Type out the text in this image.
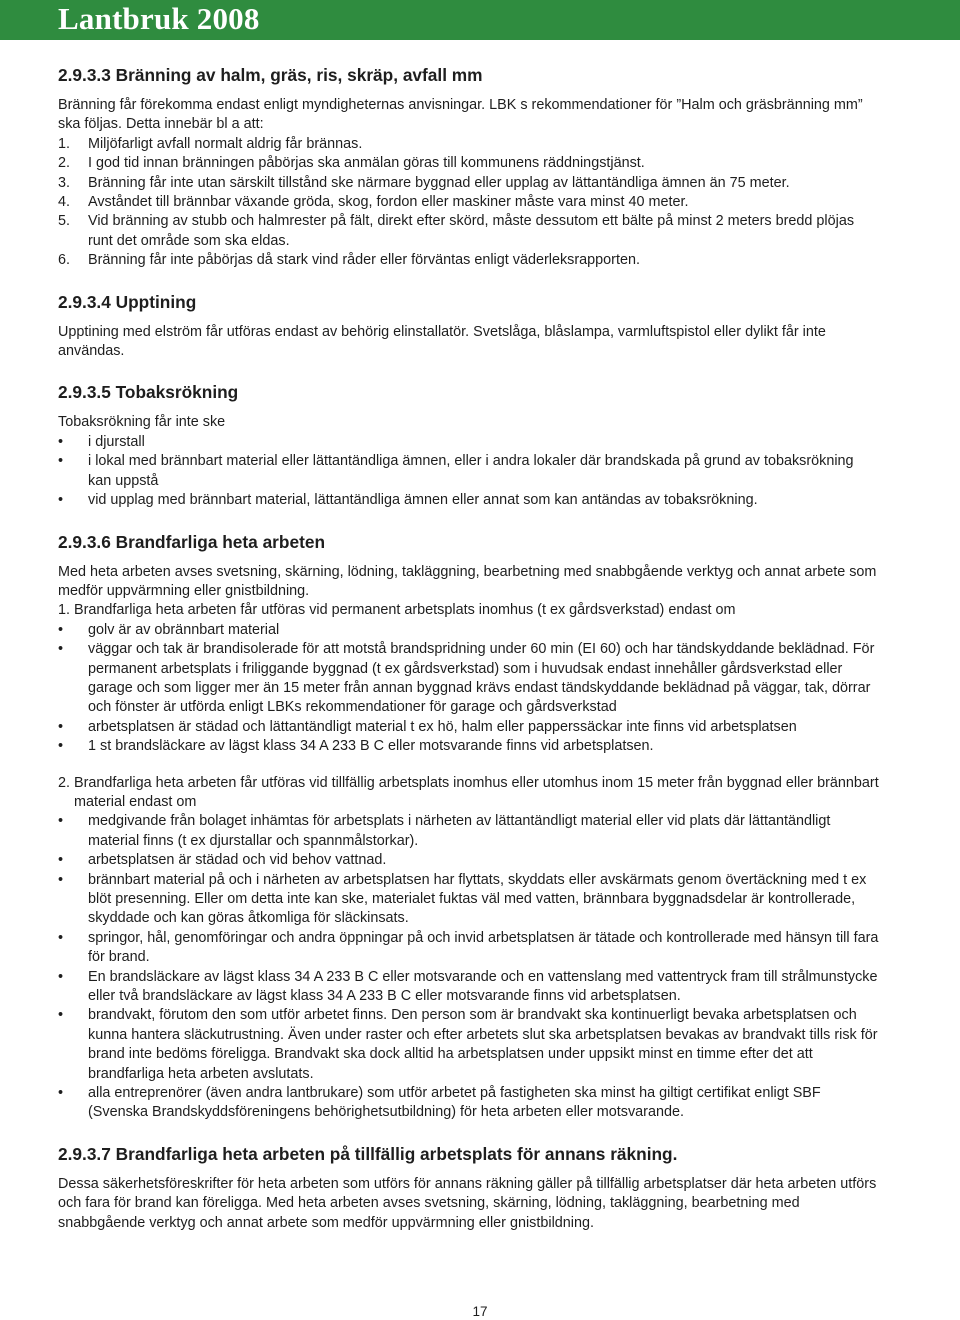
Lantbruk 2008
2.9.3.3 Bränning av halm, gräs, ris, skräp, avfall mm

Bränning får förekomma endast enligt myndigheternas anvisningar. LBK s rekommendationer för ”Halm och gräsbränning mm” ska följas. Detta innebär bl a att:

1. Miljöfarligt avfall normalt aldrig får brännas.
2. I god tid innan bränningen påbörjas ska anmälan göras till kommunens räddningstjänst.
3. Bränning får inte utan särskilt tillstånd ske närmare byggnad eller upplag av lättantändliga ämnen än 75 meter.
4. Avståndet till brännbar växande gröda, skog, fordon eller maskiner måste vara minst 40 meter.
5. Vid bränning av stubb och halmrester på fält, direkt efter skörd, måste dessutom ett bälte på minst 2 meters bredd plöjas runt det område som ska eldas.
6. Bränning får inte påbörjas då stark vind råder eller förväntas enligt väderleksrapporten.
2.9.3.4 Upptining

Upptining med elström får utföras endast av behörig elinstallatör. Svetslåga, blåslampa, varmluftspistol eller dylikt får inte användas.

2.9.3.5 Tobaksrökning

Tobaksrökning får inte ske

• i djurstall
• i lokal med brännbart material eller lättantändliga ämnen, eller i andra lokaler där brandskada på grund av tobaksrökning kan uppstå
• vid upplag med brännbart material, lättantändliga ämnen eller annat som kan antändas av tobaksrökning.
2.9.3.6 Brandfarliga heta arbeten

Med heta arbeten avses svetsning, skärning, lödning, takläggning, bearbetning med snabbgående verktyg och annat arbete som medför uppvärmning eller gnistbildning.

1. Brandfarliga heta arbeten får utföras vid permanent arbetsplats inomhus (t ex gårdsverkstad) endast om

• golv är av obrännbart material
• väggar och tak är brandisolerade för att motstå brandspridning under 60 min (EI 60) och har tändskyddande beklädnad. För permanent arbetsplats i friliggande byggnad (t ex gårdsverkstad) som i huvudsak endast innehåller gårdsverkstad eller garage och som ligger mer än 15 meter från annan byggnad krävs endast tändskyddande beklädnad på väggar, tak, dörrar och fönster är utförda enligt LBKs rekommendationer för garage och gårdsverkstad
• arbetsplatsen är städad och lättantändligt material t ex hö, halm eller papperssäckar inte finns vid arbetsplatsen
• 1 st brandsläckare av lägst klass 34 A 233 B C eller motsvarande finns vid arbetsplatsen.

2. Brandfarliga heta arbeten får utföras vid tillfällig arbetsplats inomhus eller utomhus inom 15 meter från byggnad eller brännbart material endast om

• medgivande från bolaget inhämtas för arbetsplats i närheten av lättantändligt material eller vid plats där lättantändligt material finns (t ex djurstallar och spannmålstorkar).
• arbetsplatsen är städad och vid behov vattnad.
• brännbart material på och i närheten av arbetsplatsen har flyttats, skyddats eller avskärmats genom övertäckning med t ex blöt presenning. Eller om detta inte kan ske, materialet fuktas väl med vatten, brännbara byggnadsdelar är kontrollerade, skyddade och kan göras åtkomliga för släckinsats.
• springor, hål, genomföringar och andra öppningar på och invid arbetsplatsen är tätade och kontrollerade med hänsyn till fara för brand.
• En brandsläckare av lägst klass 34 A 233 B C eller motsvarande och en vattenslang med vattentryck fram till strålmunstycke eller två brandsläckare av lägst klass 34 A 233 B C eller motsvarande finns vid arbetsplatsen.
• brandvakt, förutom den som utför arbetet finns. Den person som är brandvakt ska kontinuerligt bevaka arbetsplatsen och kunna hantera släckutrustning. Även under raster och efter arbetets slut ska arbetsplatsen bevakas av brandvakt tills risk för brand inte bedöms föreligga. Brandvakt ska dock alltid ha arbetsplatsen under uppsikt minst en timme efter det att brandfarliga heta arbeten avslutats.
• alla entreprenörer (även andra lantbrukare) som utför arbetet på fastigheten ska minst ha giltigt certifikat enligt SBF (Svenska Brandskyddsföreningens behörighetsutbildning) för heta arbeten eller motsvarande.
2.9.3.7 Brandfarliga heta arbeten på tillfällig arbetsplats för annans räkning.

Dessa säkerhetsföreskrifter för heta arbeten som utförs för annans räkning gäller på tillfällig arbetsplatser där heta arbeten utförs och fara för brand kan föreligga. Med heta arbeten avses svetsning, skärning, lödning, takläggning, bearbetning med snabbgående verktyg och annat arbete som medför uppvärmning eller gnistbildning.

17
